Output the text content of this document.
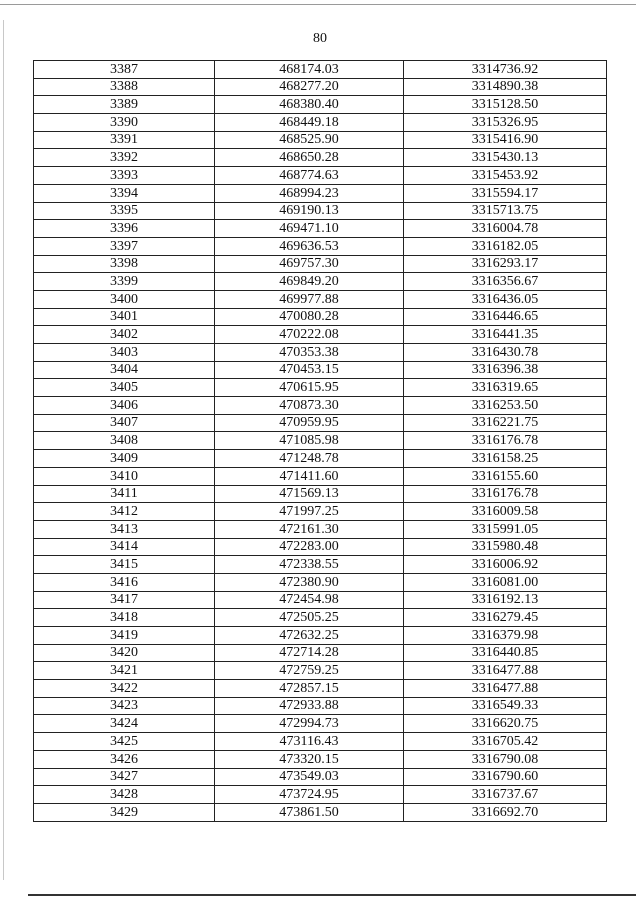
80
3387	468174.03	3314736.92
3388	468277.20	3314890.38
3389	468380.40	3315128.50
3390	468449.18	3315326.95
3391	468525.90	3315416.90
3392	468650.28	3315430.13
3393	468774.63	3315453.92
3394	468994.23	3315594.17
3395	469190.13	3315713.75
3396	469471.10	3316004.78
3397	469636.53	3316182.05
3398	469757.30	3316293.17
3399	469849.20	3316356.67
3400	469977.88	3316436.05
3401	470080.28	3316446.65
3402	470222.08	3316441.35
3403	470353.38	3316430.78
3404	470453.15	3316396.38
3405	470615.95	3316319.65
3406	470873.30	3316253.50
3407	470959.95	3316221.75
3408	471085.98	3316176.78
3409	471248.78	3316158.25
3410	471411.60	3316155.60
3411	471569.13	3316176.78
3412	471997.25	3316009.58
3413	472161.30	3315991.05
3414	472283.00	3315980.48
3415	472338.55	3316006.92
3416	472380.90	3316081.00
3417	472454.98	3316192.13
3418	472505.25	3316279.45
3419	472632.25	3316379.98
3420	472714.28	3316440.85
3421	472759.25	3316477.88
3422	472857.15	3316477.88
3423	472933.88	3316549.33
3424	472994.73	3316620.75
3425	473116.43	3316705.42
3426	473320.15	3316790.08
3427	473549.03	3316790.60
3428	473724.95	3316737.67
3429	473861.50	3316692.70
